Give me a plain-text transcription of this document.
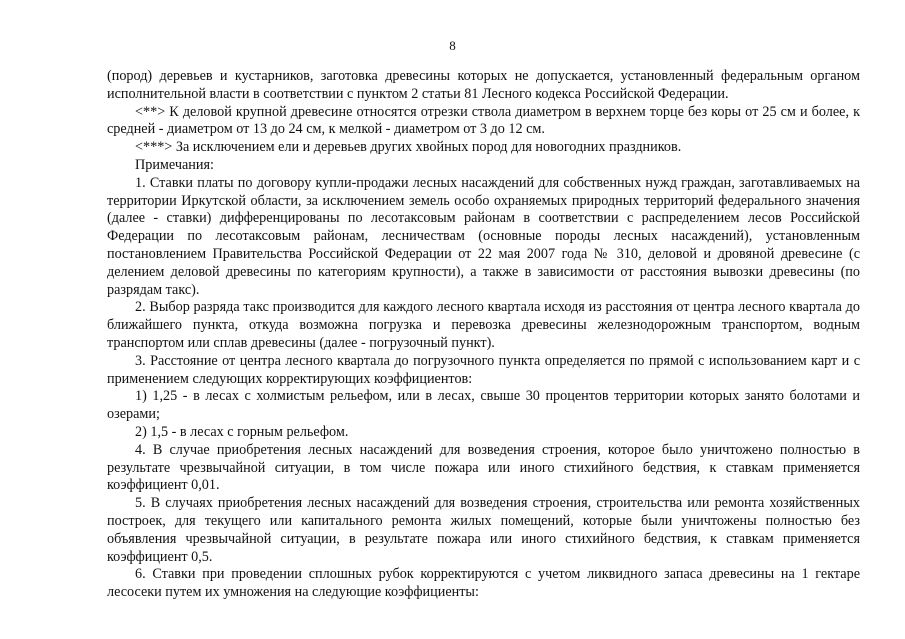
8

(пород) деревьев и кустарников, заготовка древесины которых не допускается, установленный федеральным органом исполнительной власти в соответствии с пунктом 2 статьи 81 Лесного кодекса Российской Федерации.

<**> К деловой крупной древесине относятся отрезки ствола диаметром в верхнем торце без коры от 25 см и более, к средней - диаметром от 13 до 24 см, к мелкой - диаметром от 3 до 12 см.

<***> За исключением ели и деревьев других хвойных пород для новогодних праздников.

Примечания:

1. Ставки платы по договору купли-продажи лесных насаждений для собственных нужд граждан, заготавливаемых на территории Иркутской области, за исключением земель особо охраняемых природных территорий федерального значения (далее - ставки) дифференцированы по лесотаксовым районам в соответствии с распределением лесов Российской Федерации по лесотаксовым районам, лесничествам (основные породы лесных насаждений), установленным постановлением Правительства Российской Федерации от 22 мая 2007 года № 310, деловой и дровяной древесине (с делением деловой древесины по категориям крупности), а также в зависимости от расстояния вывозки древесины (по разрядам такс).

2. Выбор разряда такс производится для каждого лесного квартала исходя из расстояния от центра лесного квартала до ближайшего пункта, откуда возможна погрузка и перевозка древесины железнодорожным транспортом, водным транспортом или сплав древесины (далее - погрузочный пункт).

3. Расстояние от центра лесного квартала до погрузочного пункта определяется по прямой с использованием карт и с применением следующих корректирующих коэффициентов:

1) 1,25 - в лесах с холмистым рельефом, или в лесах, свыше 30 процентов территории которых занято болотами и озерами;

2) 1,5 - в лесах с горным рельефом.

4. В случае приобретения лесных насаждений для возведения строения, которое было уничтожено полностью в результате чрезвычайной ситуации, в том числе пожара или иного стихийного бедствия, к ставкам применяется коэффициент 0,01.

5. В случаях приобретения лесных насаждений для возведения строения, строительства или ремонта хозяйственных построек, для текущего или капитального ремонта жилых помещений, которые были уничтожены полностью без объявления чрезвычайной ситуации, в результате пожара или иного стихийного бедствия, к ставкам применяется коэффициент 0,5.

6. Ставки при проведении сплошных рубок корректируются с учетом ликвидного запаса древесины на 1 гектаре лесосеки путем их умножения на следующие коэффициенты:
